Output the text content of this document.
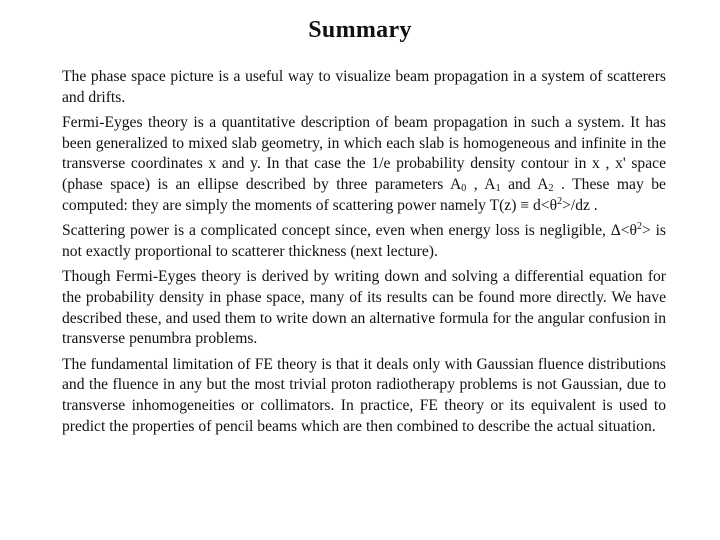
Summary

The phase space picture is a useful way to visualize beam propagation in a system of scatterers and drifts.

Fermi-Eyges theory is a quantitative description of beam propagation in such a system. It has been generalized to mixed slab geometry, in which each slab is homogeneous and infinite in the transverse coordinates x and y. In that case the 1/e probability density contour in x , x' space (phase space) is an ellipse described by three parameters $A_0$ , $A_1$ and $A_2$ . These may be computed: they are simply the moments of scattering power namely $T(z) \equiv d<\theta^2>/dz$ .

Scattering power is a complicated concept since, even when energy loss is negligible, $\Delta<\theta^2>$ is not exactly proportional to scatterer thickness (next lecture).

Though Fermi-Eyges theory is derived by writing down and solving a differential equation for the probability density in phase space, many of its results can be found more directly. We have described these, and used them to write down an alternative formula for the angular confusion in transverse penumbra problems.

The fundamental limitation of FE theory is that it deals only with Gaussian fluence distributions and the fluence in any but the most trivial proton radiotherapy problems is not Gaussian, due to transverse inhomogeneities or collimators. In practice, FE theory or its equivalent is used to predict the properties of pencil beams which are then combined to describe the actual situation.
